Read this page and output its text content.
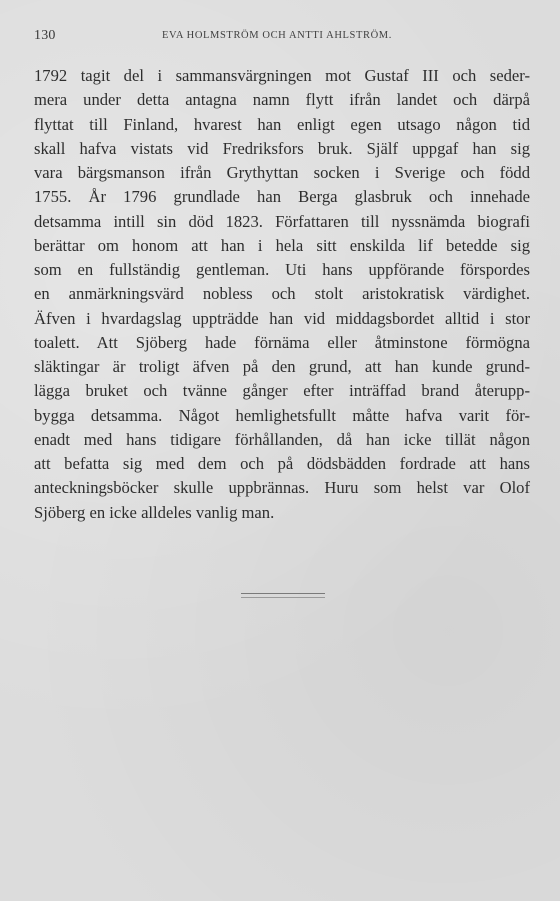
130	EVA HOLMSTRÖM OCH ANTTI AHLSTRÖM.
1792 tagit del i sammansvärgningen mot Gustaf III och seder-
mera under detta antagna namn flytt ifrån landet och därpå
flyttat till Finland, hvarest han enligt egen utsago någon tid
skall hafva vistats vid Fredriksfors bruk. Själf uppgaf han sig
vara bärgsmanson ifrån Grythyttan socken i Sverige och född
1755. År 1796 grundlade han Berga glasbruk och innehade
detsamma intill sin död 1823. Författaren till nyssnämda biografi
berättar om honom att han i hela sitt enskilda lif betedde sig
som en fullständig gentleman. Uti hans uppförande förspordes
en anmärkningsvärd nobless och stolt aristokratisk värdighet.
Äfven i hvardagslag uppträdde han vid middagsbordet alltid i stor
toalett. Att Sjöberg hade förnäma eller åtminstone förmögna
släktingar är troligt äfven på den grund, att han kunde grund-
lägga bruket och tvänne gånger efter inträffad brand återupp-
bygga detsamma. Något hemlighetsfullt måtte hafva varit för-
enadt med hans tidigare förhållanden, då han icke tillät någon
att befatta sig med dem och på dödsbädden fordrade att hans
anteckningsböcker skulle uppbrännas. Huru som helst var Olof
Sjöberg en icke alldeles vanlig man.
